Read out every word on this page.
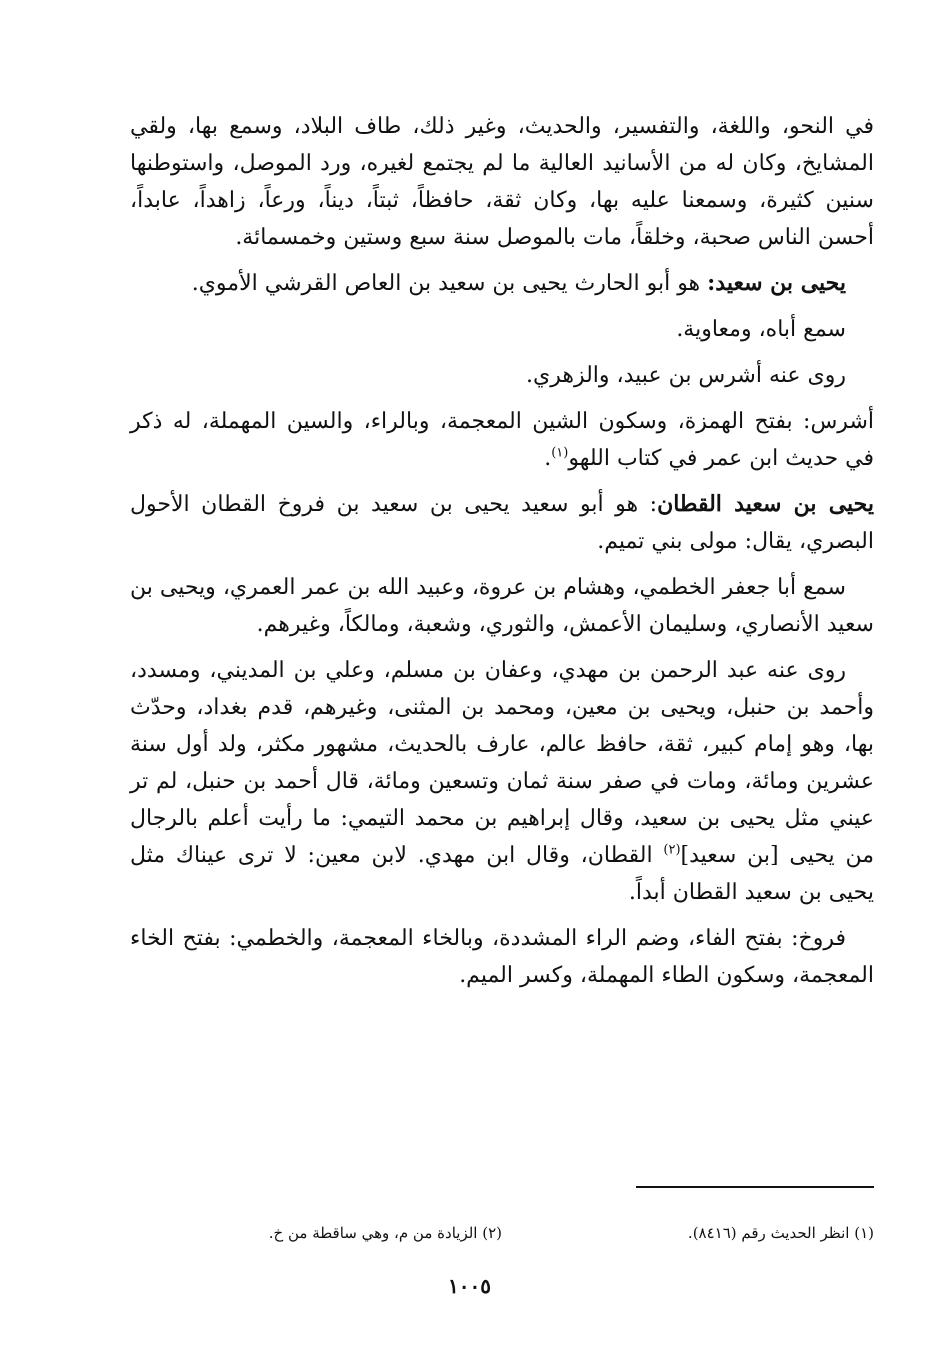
في النحو، واللغة، والتفسير، والحديث، وغير ذلك، طاف البلاد، وسمع بها، ولقي المشايخ، وكان له من الأسانيد العالية ما لم يجتمع لغيره، ورد الموصل، واستوطنها سنين كثيرة، وسمعنا عليه بها، وكان ثقة، حافظاً، ثبتاً، ديناً، ورعاً، زاهداً، عابداً، أحسن الناس صحبة، وخلقاً، مات بالموصل سنة سبع وستين وخمسمائة.

يحيى بن سعيد: هو أبو الحارث يحيى بن سعيد بن العاص القرشي الأموي.

سمع أباه، ومعاوية.

روى عنه أشرس بن عبيد، والزهري.

أشرس: بفتح الهمزة، وسكون الشين المعجمة، وبالراء، والسين المهملة، له ذكر في حديث ابن عمر في كتاب اللهو$^{(١)}$.

يحيى بن سعيد القطان: هو أبو سعيد يحيى بن سعيد بن فروخ القطان الأحول البصري، يقال: مولى بني تميم.

سمع أبا جعفر الخطمي، وهشام بن عروة، وعبيد الله بن عمر العمري، ويحيى بن سعيد الأنصاري، وسليمان الأعمش، والثوري، وشعبة، ومالكاً، وغيرهم.

روى عنه عبد الرحمن بن مهدي، وعفان بن مسلم، وعلي بن المديني، ومسدد، وأحمد بن حنبل، ويحيى بن معين، ومحمد بن المثنى، وغيرهم، قدم بغداد، وحدّث بها، وهو إمام كبير، ثقة، حافظ عالم، عارف بالحديث، مشهور مكثر، ولد أول سنة عشرين ومائة، ومات في صفر سنة ثمان وتسعين ومائة، قال أحمد بن حنبل، لم تر عيني مثل يحيى بن سعيد، وقال إبراهيم بن محمد التيمي: ما رأيت أعلم بالرجال من يحيى [بن سعيد]$^{(٢)}$ القطان، وقال ابن مهدي. لابن معين: لا ترى عيناك مثل يحيى بن سعيد القطان أبداً.

فروخ: بفتح الفاء، وضم الراء المشددة، وبالخاء المعجمة، والخطمي: بفتح الخاء المعجمة، وسكون الطاء المهملة، وكسر الميم.

(١) انظر الحديث رقم (٨٤١٦).
(٢) الزيادة من م، وهي ساقطة من خ.
١٠٠٥
